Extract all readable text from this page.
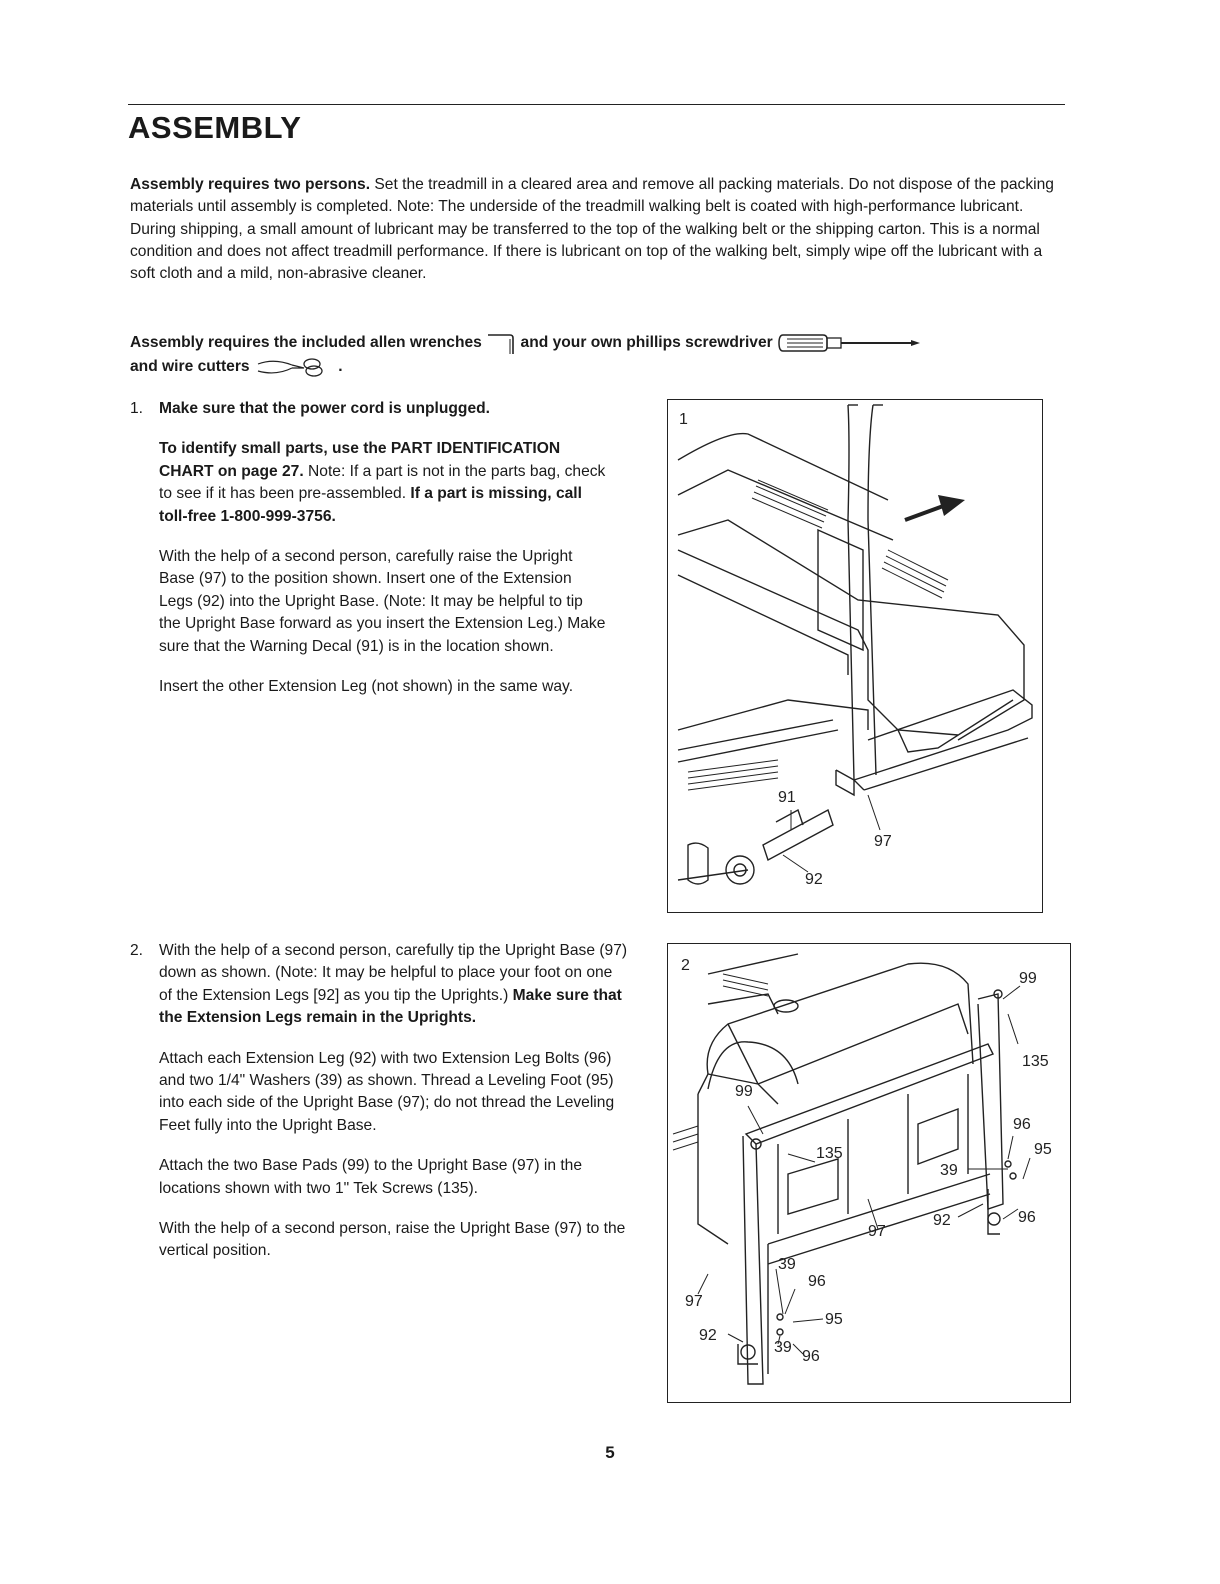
ASSEMBLY

Assembly requires two persons. Set the treadmill in a cleared area and remove all packing materials. Do not dispose of the packing materials until assembly is completed. Note: The underside of the treadmill walking belt is coated with high-performance lubricant. During shipping, a small amount of lubricant may be transferred to the top of the walking belt or the shipping carton. This is a normal condition and does not affect treadmill performance. If there is lubricant on top of the walking belt, simply wipe off the lubricant with a soft cloth and a mild, non-abrasive cleaner.

Assembly requires the included allen wrenches  and your own phillips screwdriver
and wire cutters	.

1. Make sure that the power cord is unplugged.

To identify small parts, use the PART IDENTIFICATION CHART on page 27. Note: If a part is not in the parts bag, check to see if it has been pre-assembled. If a part is missing, call toll-free 1-800-999-3756.

With the help of a second person, carefully raise the Upright Base (97) to the position shown. Insert one of the Extension Legs (92) into the Upright Base. (Note: It may be helpful to tip the Upright Base forward as you insert the Extension Leg.) Make sure that the Warning Decal (91) is in the location shown.

Insert the other Extension Leg (not shown) in the same way.

1
91
97
92
2. With the help of a second person, carefully tip the Upright Base (97) down as shown. (Note: It may be helpful to place your foot on one of the Extension Legs [92] as you tip the Uprights.) Make sure that the Extension Legs remain in the Uprights.

Attach each Extension Leg (92) with two Extension Leg Bolts (96) and two 1/4" Washers (39) as shown. Thread a Leveling Foot (95) into each side of the Upright Base (97); do not thread the Leveling Feet fully into the Upright Base.

Attach the two Base Pads (99) to the Upright Base (97) in the locations shown with two 1" Tek Screws (135).

With the help of a second person, raise the Upright Base (97) to the vertical position.

2
99
135
99
135
96
95
39
92	96
97
39
96
97
95
92
39
96
5
